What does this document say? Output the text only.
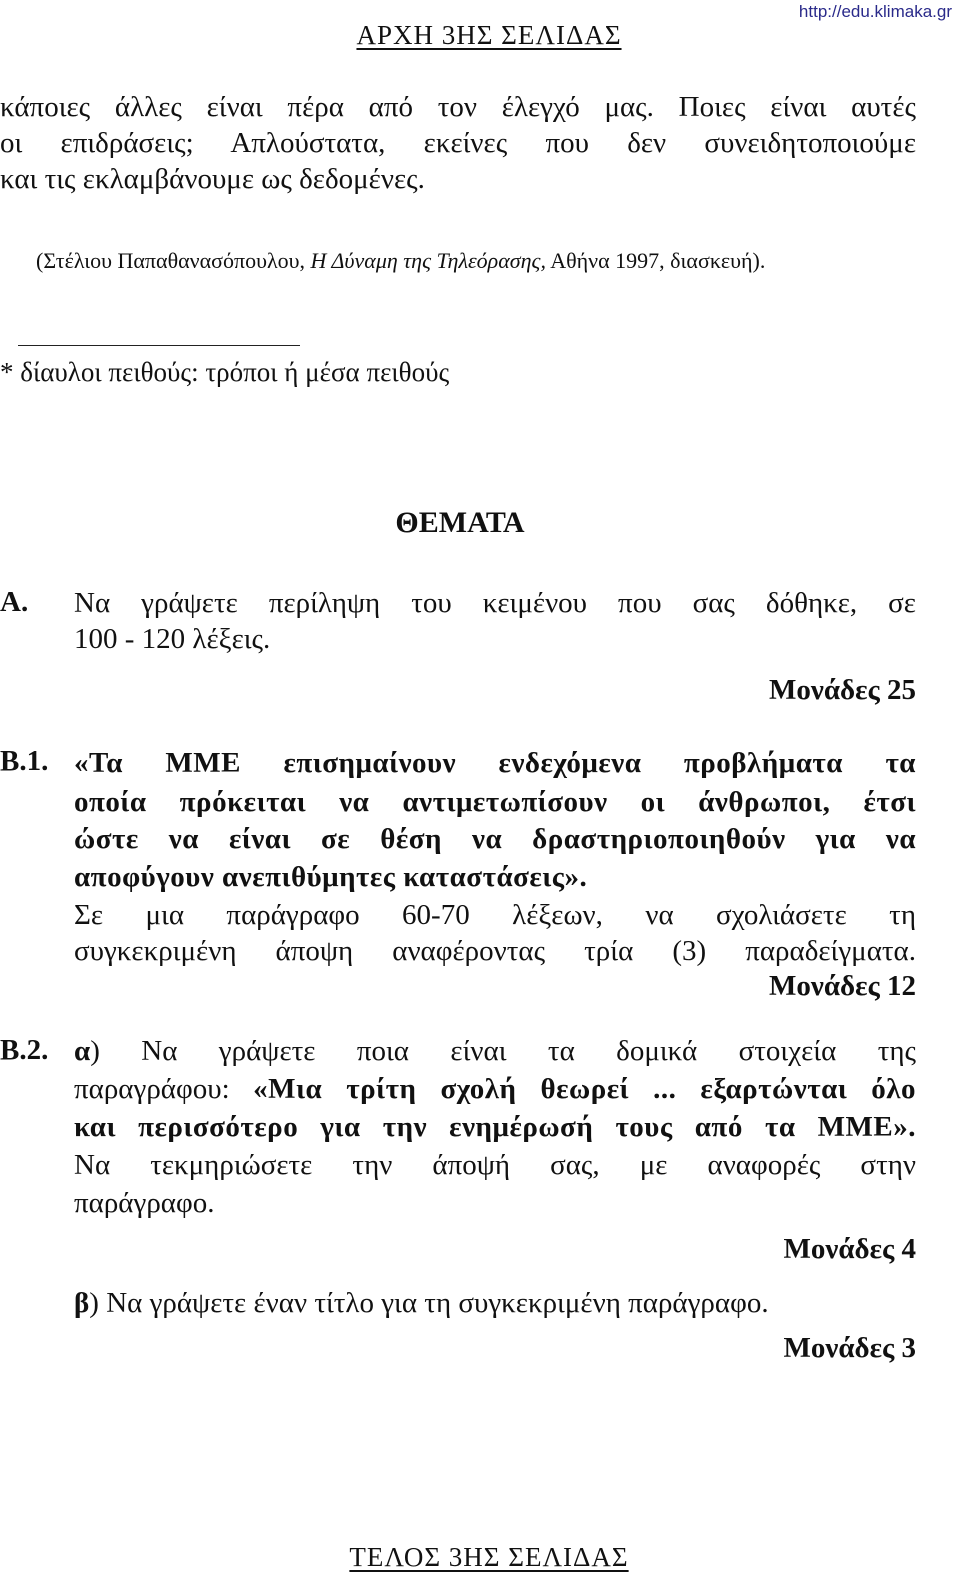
http://edu.klimaka.gr
ΑΡΧΗ 3ΗΣ ΣΕΛΙΔΑΣ
κάποιες άλλες είναι πέρα από τον έλεγχό μας. Ποιες είναι αυτές
οι επιδράσεις; Απλούστατα, εκείνες που δεν συνειδητοποιούμε
και τις εκλαμβάνουμε ως δεδομένες.
(Στέλιου Παπαθανασόπουλου, Η Δύναμη της Τηλεόρασης, Αθήνα 1997, διασκευή).
* δίαυλοι πειθούς: τρόποι ή μέσα πειθούς
ΘΕΜΑΤΑ
Α. Να γράψετε περίληψη του κειμένου που σας δόθηκε, σε
100 - 120 λέξεις.
Μονάδες 25
Β.1. «Τα ΜΜΕ επισημαίνουν ενδεχόμενα προβλήματα τα
οποία πρόκειται να αντιμετωπίσουν οι άνθρωποι, έτσι
ώστε να είναι σε θέση να δραστηριοποιηθούν για να
αποφύγουν ανεπιθύμητες καταστάσεις».
Σε μια παράγραφο 60-70 λέξεων, να σχολιάσετε τη
συγκεκριμένη άποψη αναφέροντας τρία (3) παραδείγματα.
Μονάδες 12
Β.2. α) Να γράψετε ποια είναι τα δομικά στοιχεία της
παραγράφου: «Μια τρίτη σχολή θεωρεί ... εξαρτώνται όλο
και περισσότερο για την ενημέρωσή τους από τα ΜΜΕ».
Να τεκμηριώσετε την άποψή σας, με αναφορές στην
παράγραφο.
Μονάδες 4
β) Να γράψετε έναν τίτλο για τη συγκεκριμένη παράγραφο.
Μονάδες 3
ΤΕΛΟΣ 3ΗΣ ΣΕΛΙΔΑΣ
